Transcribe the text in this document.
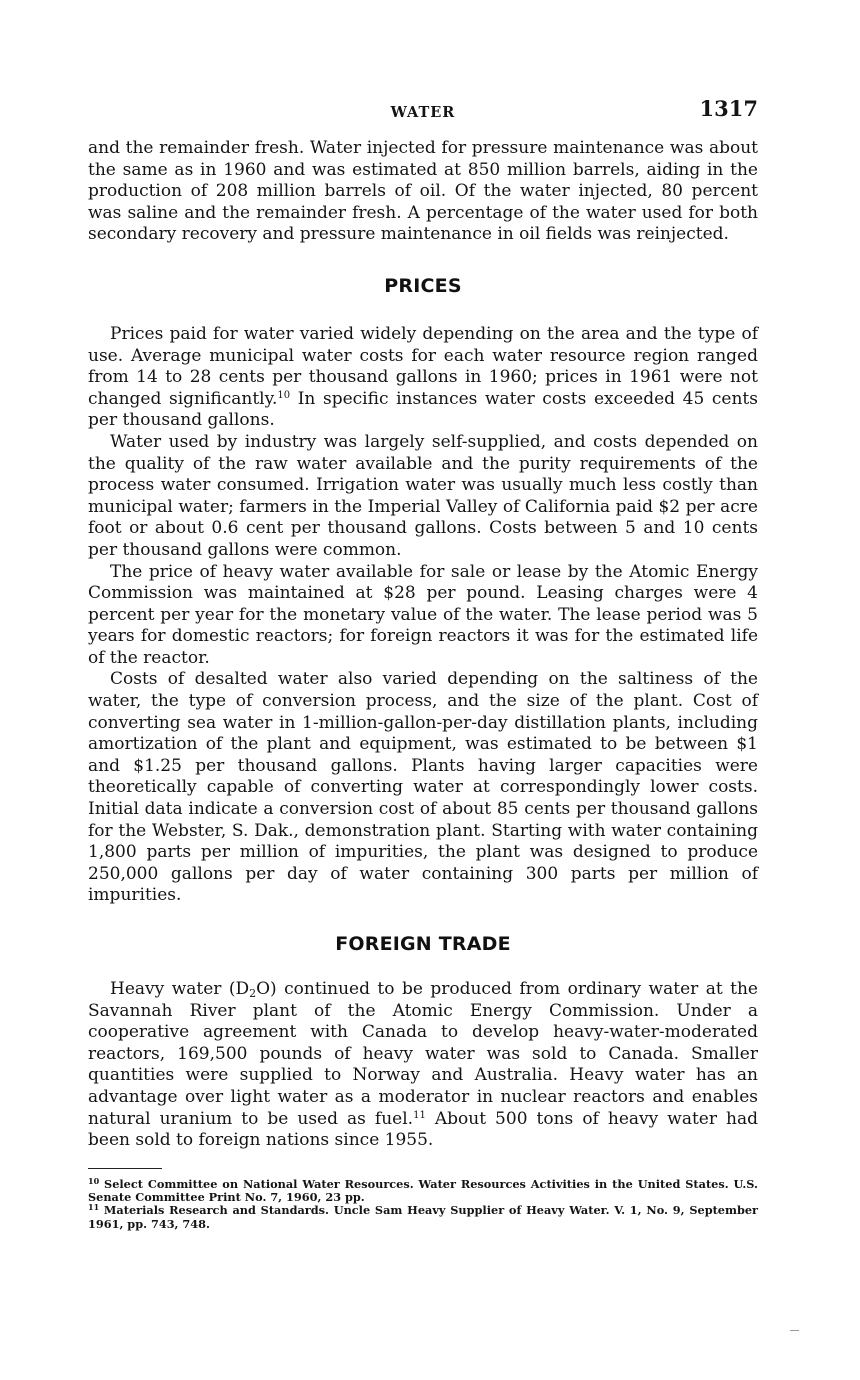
WATER	1317

and the remainder fresh. Water injected for pressure maintenance was about the same as in 1960 and was estimated at 850 million barrels, aiding in the production of 208 million barrels of oil. Of the water injected, 80 percent was saline and the remainder fresh. A percentage of the water used for both secondary recovery and pressure maintenance in oil fields was reinjected.

PRICES

Prices paid for water varied widely depending on the area and the type of use. Average municipal water costs for each water resource region ranged from 14 to 28 cents per thousand gallons in 1960; prices in 1961 were not changed significantly.$^{10}$ In specific instances water costs exceeded 45 cents per thousand gallons.

Water used by industry was largely self-supplied, and costs depended on the quality of the raw water available and the purity requirements of the process water consumed. Irrigation water was usually much less costly than municipal water; farmers in the Imperial Valley of California paid $2 per acre foot or about 0.6 cent per thousand gallons. Costs between 5 and 10 cents per thousand gallons were common.

The price of heavy water available for sale or lease by the Atomic Energy Commission was maintained at $28 per pound. Leasing charges were 4 percent per year for the monetary value of the water. The lease period was 5 years for domestic reactors; for foreign reactors it was for the estimated life of the reactor.

Costs of desalted water also varied depending on the saltiness of the water, the type of conversion process, and the size of the plant. Cost of converting sea water in 1-million-gallon-per-day distillation plants, including amortization of the plant and equipment, was estimated to be between $1 and $1.25 per thousand gallons. Plants having larger capacities were theoretically capable of converting water at correspondingly lower costs. Initial data indicate a conversion cost of about 85 cents per thousand gallons for the Webster, S. Dak., demonstration plant. Starting with water containing 1,800 parts per million of impurities, the plant was designed to produce 250,000 gallons per day of water containing 300 parts per million of impurities.

FOREIGN TRADE

Heavy water $(D_2O)$ continued to be produced from ordinary water at the Savannah River plant of the Atomic Energy Commission. Under a cooperative agreement with Canada to develop heavy-water-moderated reactors, 169,500 pounds of heavy water was sold to Canada. Smaller quantities were supplied to Norway and Australia. Heavy water has an advantage over light water as a moderator in nuclear reactors and enables natural uranium to be used as fuel.$^{11}$ About 500 tons of heavy water had been sold to foreign nations since 1955.

$^{10}$ Select Committee on National Water Resources. Water Resources Activities in the United States. U.S. Senate Committee Print No. 7, 1960, 23 pp.

$^{11}$ Materials Research and Standards. Uncle Sam Heavy Supplier of Heavy Water. V. 1, No. 9, September 1961, pp. 743, 748.
